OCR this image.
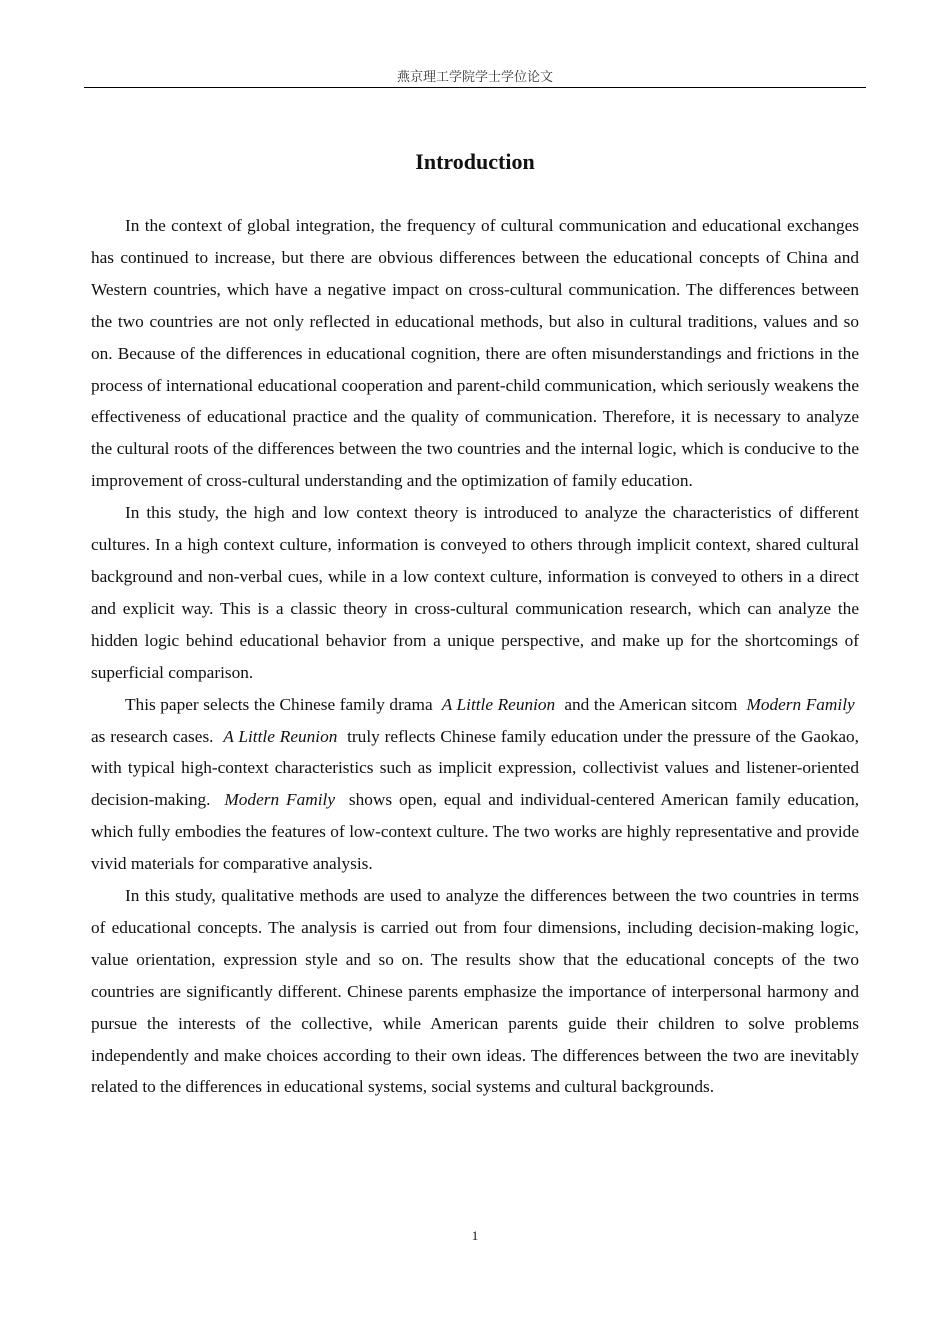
燕京理工学院学士学位论文
Introduction

In the context of global integration, the frequency of cultural communication and educational exchanges has continued to increase, but there are obvious differences between the educational concepts of China and Western countries, which have a negative impact on cross-cultural communication. The differences between the two countries are not only reflected in educational methods, but also in cultural traditions, values and so on. Because of the differences in educational cognition, there are often misunderstandings and frictions in the process of international educational cooperation and parent-child communication, which seriously weakens the effectiveness of educational practice and the quality of communication. Therefore, it is necessary to analyze the cultural roots of the differences between the two countries and the internal logic, which is conducive to the improvement of cross-cultural understanding and the optimization of family education.

In this study, the high and low context theory is introduced to analyze the characteristics of different cultures. In a high context culture, information is conveyed to others through implicit context, shared cultural background and non-verbal cues, while in a low context culture, information is conveyed to others in a direct and explicit way. This is a classic theory in cross-cultural communication research, which can analyze the hidden logic behind educational behavior from a unique perspective, and make up for the shortcomings of superficial comparison.

This paper selects the Chinese family drama A Little Reunion and the American sitcom Modern Family  as research cases. A Little Reunion truly reflects Chinese family education under the pressure of the Gaokao, with typical high-context characteristics such as implicit expression, collectivist values and listener-oriented decision-making. Modern Family shows open, equal and individual-centered American family education, which fully embodies the features of low-context culture. The two works are highly representative and provide vivid materials for comparative analysis.

In this study, qualitative methods are used to analyze the differences between the two countries in terms of educational concepts. The analysis is carried out from four dimensions, including decision-making logic, value orientation, expression style and so on. The results show that the educational concepts of the two countries are significantly different. Chinese parents emphasize the importance of interpersonal harmony and pursue the interests of the collective, while American parents guide their children to solve problems independently and make choices according to their own ideas. The differences between the two are inevitably related to the differences in educational systems, social systems and cultural backgrounds.

1
